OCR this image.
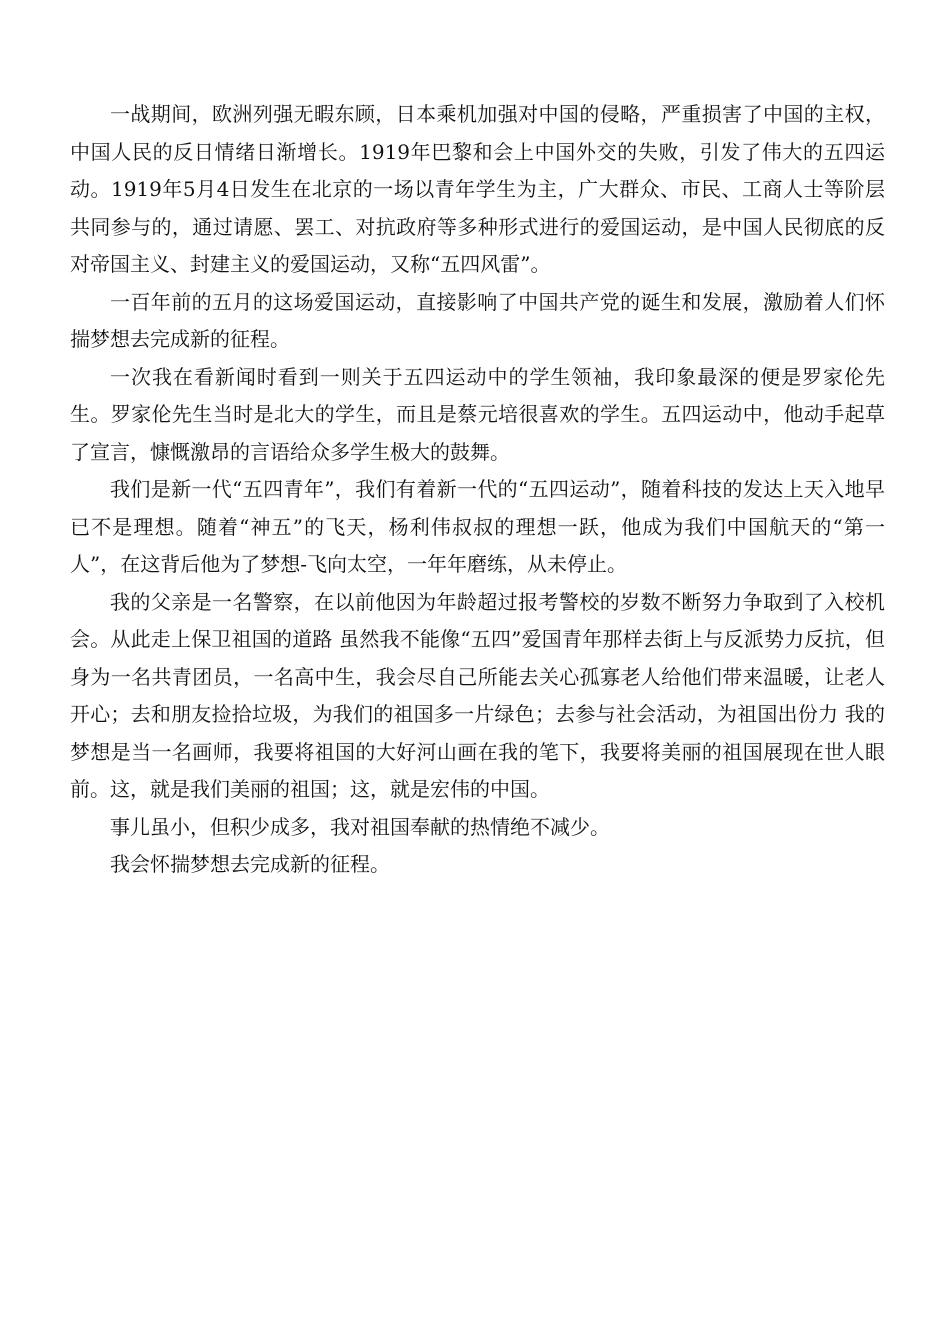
一战期间，欧洲列强无暇东顾，日本乘机加强对中国的侵略，严重损害了中国的主权，中国人民的反日情绪日渐增长。1919年巴黎和会上中国外交的失败，引发了伟大的五四运动。1919年5月4日发生在北京的一场以青年学生为主，广大群众、市民、工商人士等阶层共同参与的，通过请愿、罢工、对抗政府等多种形式进行的爱国运动，是中国人民彻底的反对帝国主义、封建主义的爱国运动，又称“五四风雷”。

一百年前的五月的这场爱国运动，直接影响了中国共产党的诞生和发展，激励着人们怀揣梦想去完成新的征程。

一次我在看新闻时看到一则关于五四运动中的学生领袖，我印象最深的便是罗家伦先生。罗家伦先生当时是北大的学生，而且是蔡元培很喜欢的学生。五四运动中，他动手起草了宣言，慷慨激昂的言语给众多学生极大的鼓舞。

我们是新一代“五四青年”，我们有着新一代的“五四运动”，随着科技的发达上天入地早已不是理想。随着“神五”的飞天，杨利伟叔叔的理想一跃，他成为我们中国航天的“第一人”，在这背后他为了梦想-飞向太空，一年年磨练，从未停止。

我的父亲是一名警察，在以前他因为年龄超过报考警校的岁数不断努力争取到了入校机会。从此走上保卫祖国的道路 虽然我不能像“五四”爱国青年那样去街上与反派势力反抗，但身为一名共青团员，一名高中生，我会尽自己所能去关心孤寡老人给他们带来温暖，让老人开心；去和朋友捡拾垃圾，为我们的祖国多一片绿色；去参与社会活动，为祖国出份力 我的梦想是当一名画师，我要将祖国的大好河山画在我的笔下，我要将美丽的祖国展现在世人眼前。这，就是我们美丽的祖国；这，就是宏伟的中国。

事儿虽小，但积少成多，我对祖国奉献的热情绝不减少。

我会怀揣梦想去完成新的征程。
